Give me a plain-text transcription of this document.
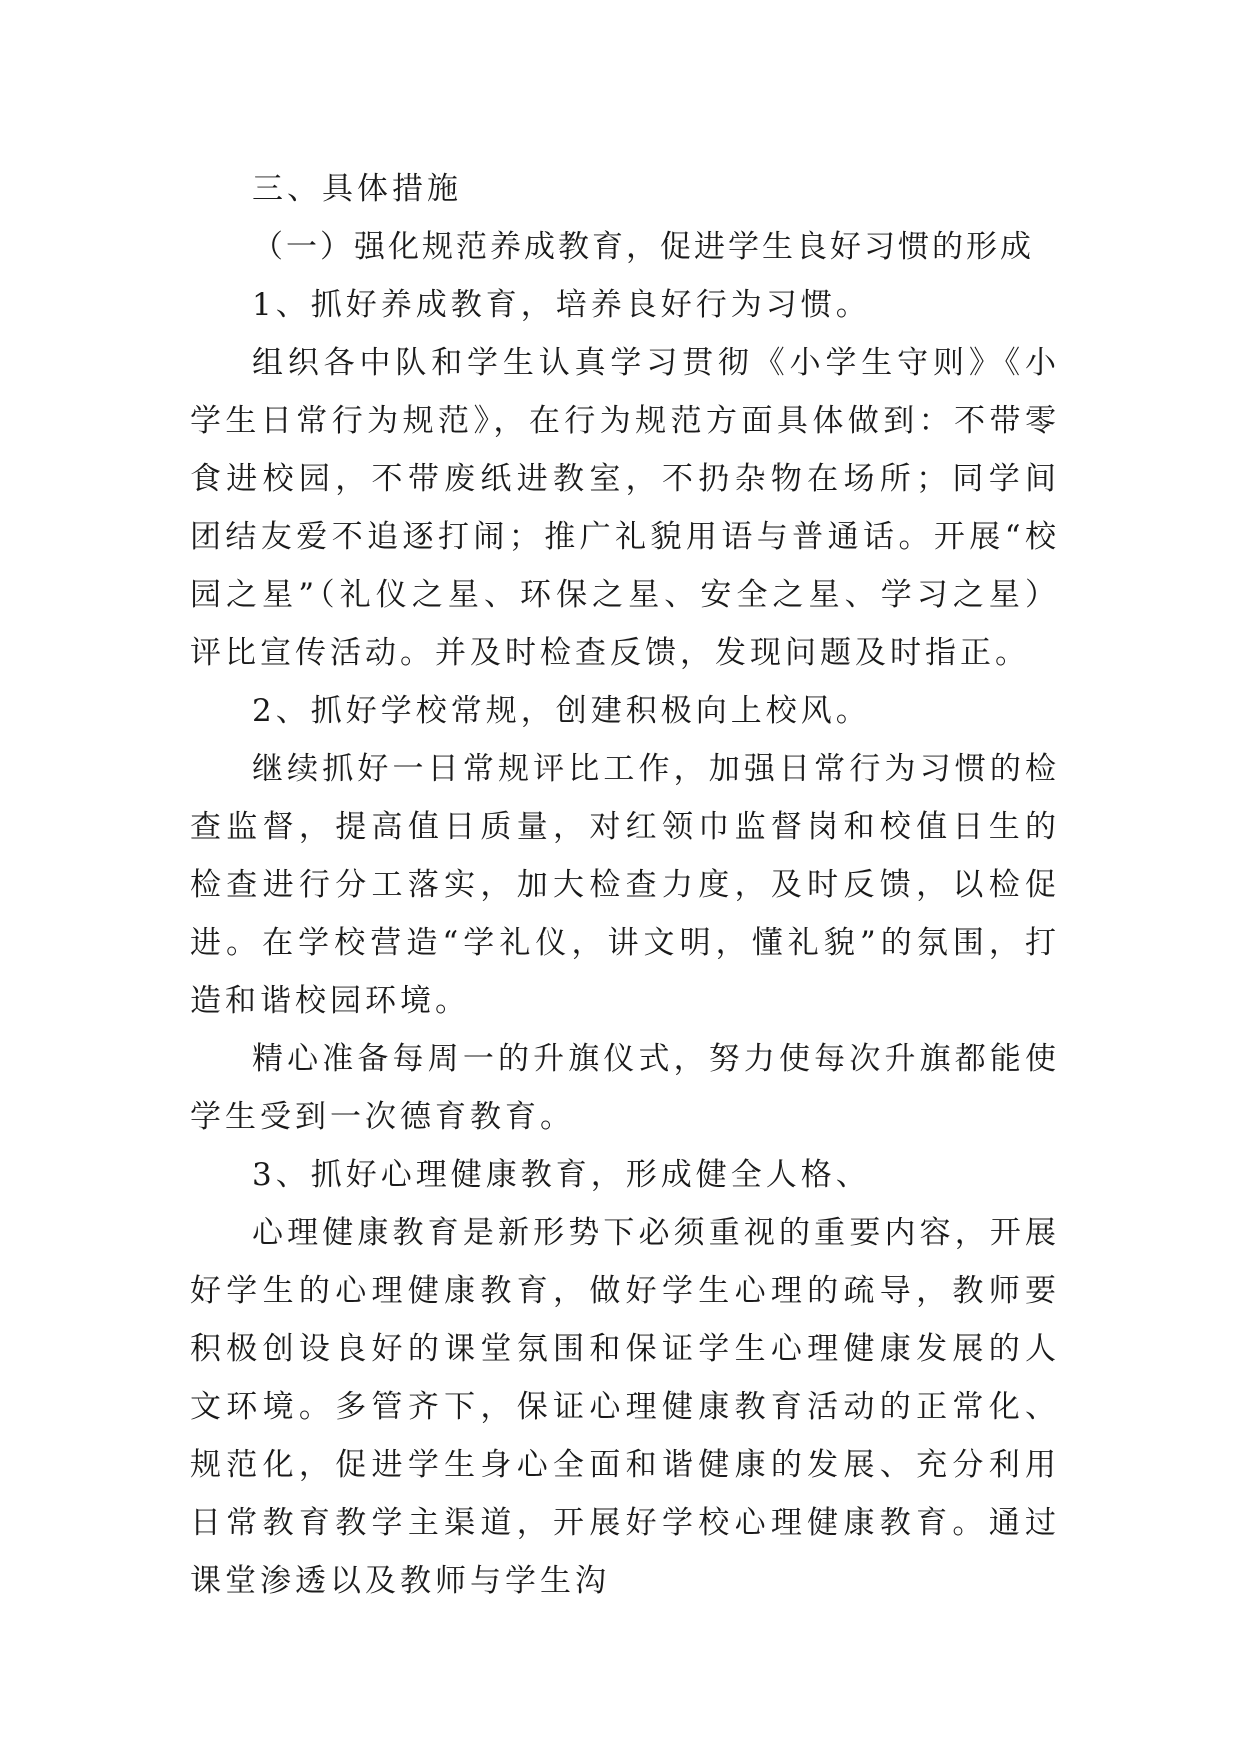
三、具体措施

（一）强化规范养成教育，促进学生良好习惯的形成

1、抓好养成教育，培养良好行为习惯。

组织各中队和学生认真学习贯彻《小学生守则》《小学生日常行为规范》，在行为规范方面具体做到：不带零食进校园，不带废纸进教室，不扔杂物在场所；同学间团结友爱不追逐打闹；推广礼貌用语与普通话。开展“校园之星”（礼仪之星、环保之星、安全之星、学习之星）评比宣传活动。并及时检查反馈，发现问题及时指正。

2、抓好学校常规，创建积极向上校风。

继续抓好一日常规评比工作，加强日常行为习惯的检查监督，提高值日质量，对红领巾监督岗和校值日生的检查进行分工落实，加大检查力度，及时反馈，以检促进。在学校营造“学礼仪，讲文明，懂礼貌”的氛围，打造和谐校园环境。

精心准备每周一的升旗仪式，努力使每次升旗都能使学生受到一次德育教育。

3、抓好心理健康教育，形成健全人格、

心理健康教育是新形势下必须重视的重要内容，开展好学生的心理健康教育，做好学生心理的疏导，教师要积极创设良好的课堂氛围和保证学生心理健康发展的人文环境。多管齐下，保证心理健康教育活动的正常化、规范化，促进学生身心全面和谐健康的发展、充分利用日常教育教学主渠道，开展好学校心理健康教育。通过课堂渗透以及教师与学生沟
